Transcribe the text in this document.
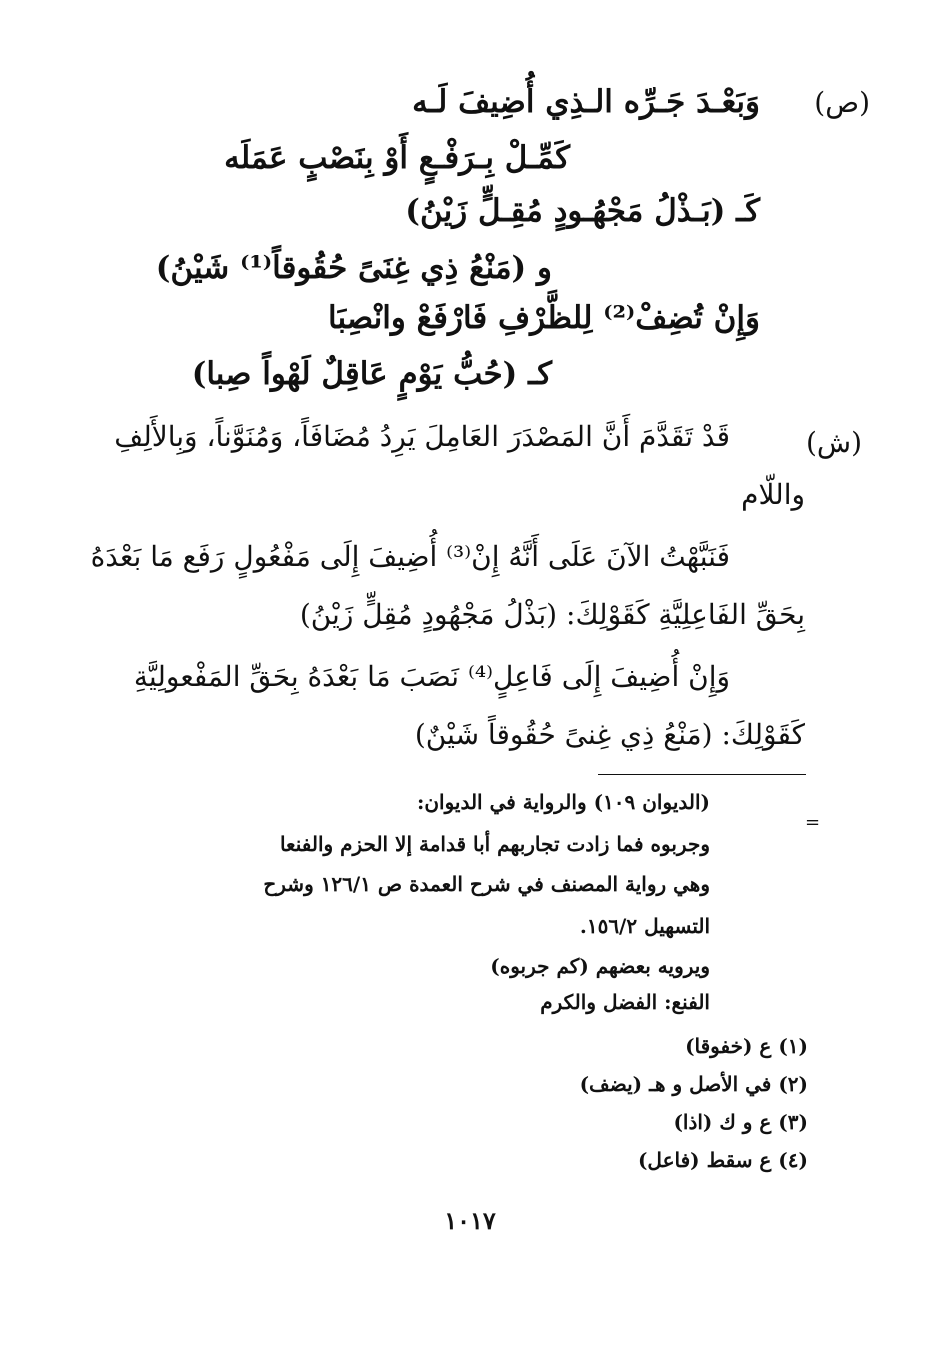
(ص)
وَبَعْـدَ جَـرِّه الـذِي أُضِيفَ لَـه
كَمِّـلْ بِـرَفْـعٍ أَوْ بِنَصْبٍ عَمَلَه
كَـ (بَـذْلُ مَجْهُـودٍ مُقِـلٍّ زَيْنُ)
و (مَنْعُ ذِي غِنَىً حُقُوقاً⁽¹⁾ شَيْنُ)
وَإِنْ تُضِفْ⁽²⁾ لِلظَّرْفِ فَارْفَعْ وانْصِبَا
كـ (حُبُّ يَوْمٍ عَاقِلٌ لَهْواً صِبا)
(ش)
قَدْ تَقَدَّمَ أَنَّ المَصْدَرَ العَامِلَ يَرِدُ مُضَافَاً، وَمُنَوَّناً، وَبِالأَلِفِ
واللّام
فَنَبَّهْتُ الآنَ عَلَى أَنَّهُ إِنْ⁽³⁾ أُضِيفَ إِلَى مَفْعُولٍ رَفَع مَا بَعْدَهُ
بِحَقِّ الفَاعِلِيَّةِ كَقَوْلِكَ: (بَذْلُ مَجْهُودٍ مُقِلٍّ زَيْنُ)
وَإِنْ أُضِيفَ إِلَى فَاعِلٍ⁽⁴⁾ نَصَبَ مَا بَعْدَهُ بِحَقِّ المَفْعولِيَّةِ
كَقَوْلِكَ: (مَنْعُ ذِي غِنىً حُقُوقاً شَيْنٌ)
=
(الديوان ١٠٩) والرواية في الديوان:
وجربوه فما زادت تجاربهم أبا قدامة إلا الحزم والفنعا
وهي رواية المصنف في شرح العمدة ص ١٢٦/١ وشرح
التسهيل ١٥٦/٢.
ويرويه بعضهم (كم جربوه)
الفنع: الفضل والكرم
(١) ع (خفوقا)
(٢) في الأصل و هـ (يضف)
(٣) ع و ك (اذا)
(٤) ع سقط (فاعل)
١٠١٧
